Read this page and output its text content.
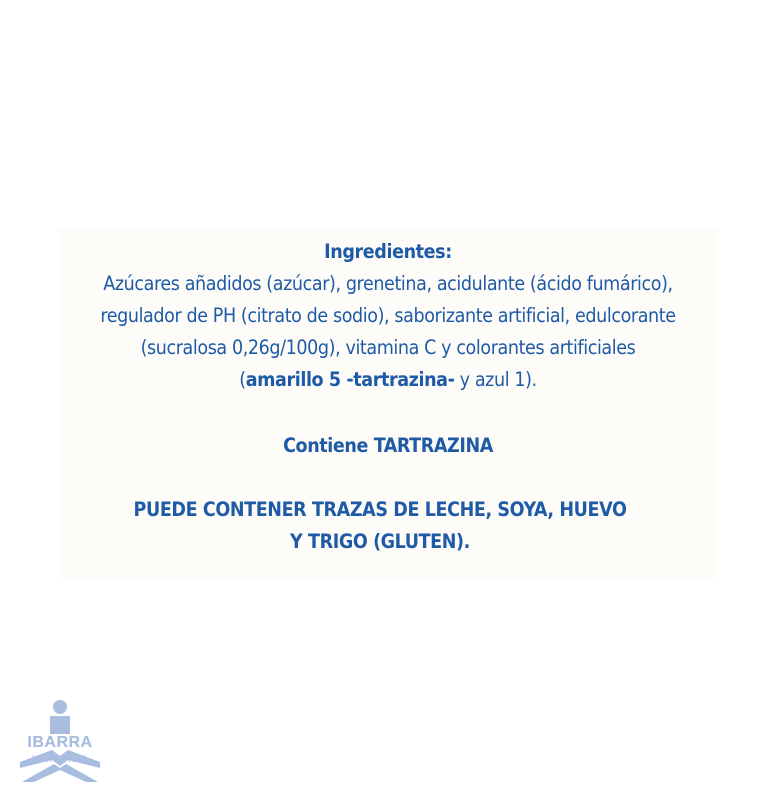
Ingredientes:
Azúcares añadidos (azúcar), grenetina, acidulante (ácido fumárico),
regulador de PH (citrato de sodio), saborizante artificial, edulcorante
(sucralosa 0,26g/100g), vitamina C y colorantes artificiales
(amarillo 5 -tartrazina- y azul 1).
Contiene TARTRAZINA
PUEDE CONTENER TRAZAS DE LECHE, SOYA, HUEVO
Y TRIGO (GLUTEN).
IBARRA
MAYOREO
